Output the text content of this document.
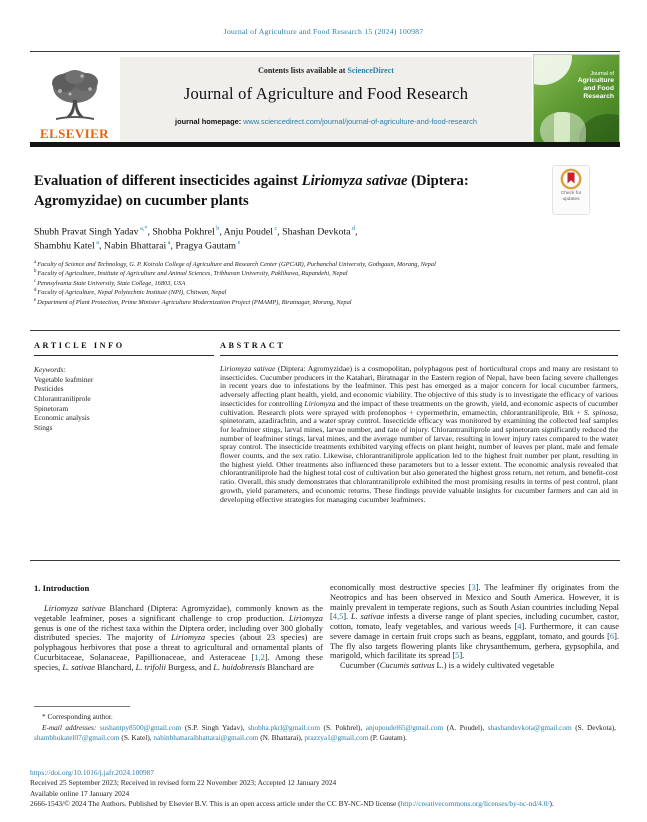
Journal of Agriculture and Food Research 15 (2024) 100987
ELSEVIER
Contents lists available at ScienceDirect
Journal of Agriculture and Food Research
journal homepage: www.sciencedirect.com/journal/journal-of-agriculture-and-food-research
Journal of
Agriculture
and Food
Research
Evaluation of different insecticides against Liriomyza sativae (Diptera: Agromyzidae) on cucumber plants	Check for
updates
Shubh Pravat Singh Yadav $^{a,*}$, Shobha Pokhrel $^b$, Anju Poudel $^c$, Shashan Devkota $^d$,
Shambhu Katel $^a$, Nabin Bhattarai $^a$, Pragya Gautam $^e$
$^a$Faculty of Science and Technology, G. P. Koirala College of Agriculture and Research Center (GPCAR), Purbanchal University, Gothgaun, Morang, Nepal
$^b$Faculty of Agriculture, Institute of Agriculture and Animal Sciences, Tribhuvan University, Paklihawa, Rupandehi, Nepal
$^c$Pennsylvania State University, State College, 16803, USA
$^d$Faculty of Agriculture, Nepal Polytechnic Institute (NPI), Chitwan, Nepal
$^e$Department of Plant Protection, Prime Minister Agriculture Modernization Project (PMAMP), Biratnagar, Morang, Nepal
ARTICLE INFO
Keywords:
Vegetable leafminer
Pesticides
Chlorantraniliprole
Spinetoram
Economic analysis
Stings
ABSTRACT
Liriomyza sativae (Diptera: Agromyzidae) is a cosmopolitan, polyphagous pest of horticultural crops and many are resistant to insecticides. Cucumber producers in the Katahari, Biratnagar in the Eastern region of Nepal, have been facing severe challenges in recent years due to infestations by the leafminer. This pest has emerged as a major concern for local cucumber farmers, adversely affecting plant health, yield, and economic viability. The objective of this study is to investigate the efficacy of various insecticides for controlling Liriomyza and the impact of these treatments on the growth, yield, and economic aspects of cucumber cultivation. Research plots were sprayed with profenophos + cypermethrin, emamectin, chlorantraniliprole, Btk + S. spinosa, spinetoram, azadirachtin, and a water spray control. Insecticide efficacy was monitored by examining the collected leaf samples for leafminer stings, larval mines, larvae number, and rate of injury. Chlorantraniliprole and spinetoram significantly reduced the number of leafminer stings, larval mines, and the average number of larvae, resulting in lower injury rates compared to the water spray control. The insecticide treatments exhibited varying effects on plant height, number of leaves per plant, male and female flower counts, and the sex ratio. Likewise, chlorantraniliprole application led to the highest fruit number per plant, resulting in the highest yield. Other treatments also influenced these parameters but to a lesser extent. The economic analysis revealed that chlorantraniliprole had the highest total cost of cultivation but also generated the highest gross return, net return, and benefit-cost ratio. Overall, this study demonstrates that chlorantraniliprole exhibited the most promising results in terms of pest control, plant growth, yield parameters, and economic returns. These findings provide valuable insights for cucumber farmers and can aid in developing effective strategies for managing cucumber leafminers.
1. Introduction

Liriomyza sativae Blanchard (Diptera: Agromyzidae), commonly known as the vegetable leafminer, poses a significant challenge to crop production. Liriomyza genus is one of the richest taxa within the Diptera order, including over 300 globally distributed species. The majority of Liriomyza species (about 23 species) are polyphagous herbivores that pose a threat to agricultural and ornamental plants of Cucurbitaceae, Solanaceae, Papillionaceae, and Asteraceae [1,2]. Among these species, L. sativae Blanchard, L. trifolii Burgess, and L. huidobrensis Blanchard are

economically most destructive species [3]. The leafminer fly originates from the Neotropics and has been observed in Mexico and South America. However, it is mainly prevalent in temperate regions, such as South Asian countries including Nepal [4,5]. L. sativae infests a diverse range of plant species, including cucumber, castor, cotton, tomato, leafy vegetables, and various weeds [4]. Furthermore, it can cause severe damage in certain fruit crops such as beans, eggplant, tomato, and gourds [6]. The fly also targets flowering plants like chrysanthemum, gerbera, gypsophila, and marigold, which facilitate its spread [5].

Cucumber (Cucumis sativus L.) is a widely cultivated vegetable

* Corresponding author.
E-mail addresses: sushantpy8500@gmail.com (S.P. Singh Yadav), shobha.pkrl@gmail.com (S. Pokhrel), anjupoudel65@gmail.com (A. Poudel), shashandevkota@gmail.com (S. Devkota), shambhukatel07@gmail.com (S. Katel), nabinbhattaraibhattarai@gmail.com (N. Bhattarai), prazzya1@gmail.com (P. Gautam).
https://doi.org/10.1016/j.jafr.2024.100987
Received 25 September 2023; Received in revised form 22 November 2023; Accepted 12 January 2024
Available online 17 January 2024
2666-1543/© 2024 The Authors. Published by Elsevier B.V. This is an open access article under the CC BY-NC-ND license (http://creativecommons.org/licenses/by-nc-nd/4.0/).
